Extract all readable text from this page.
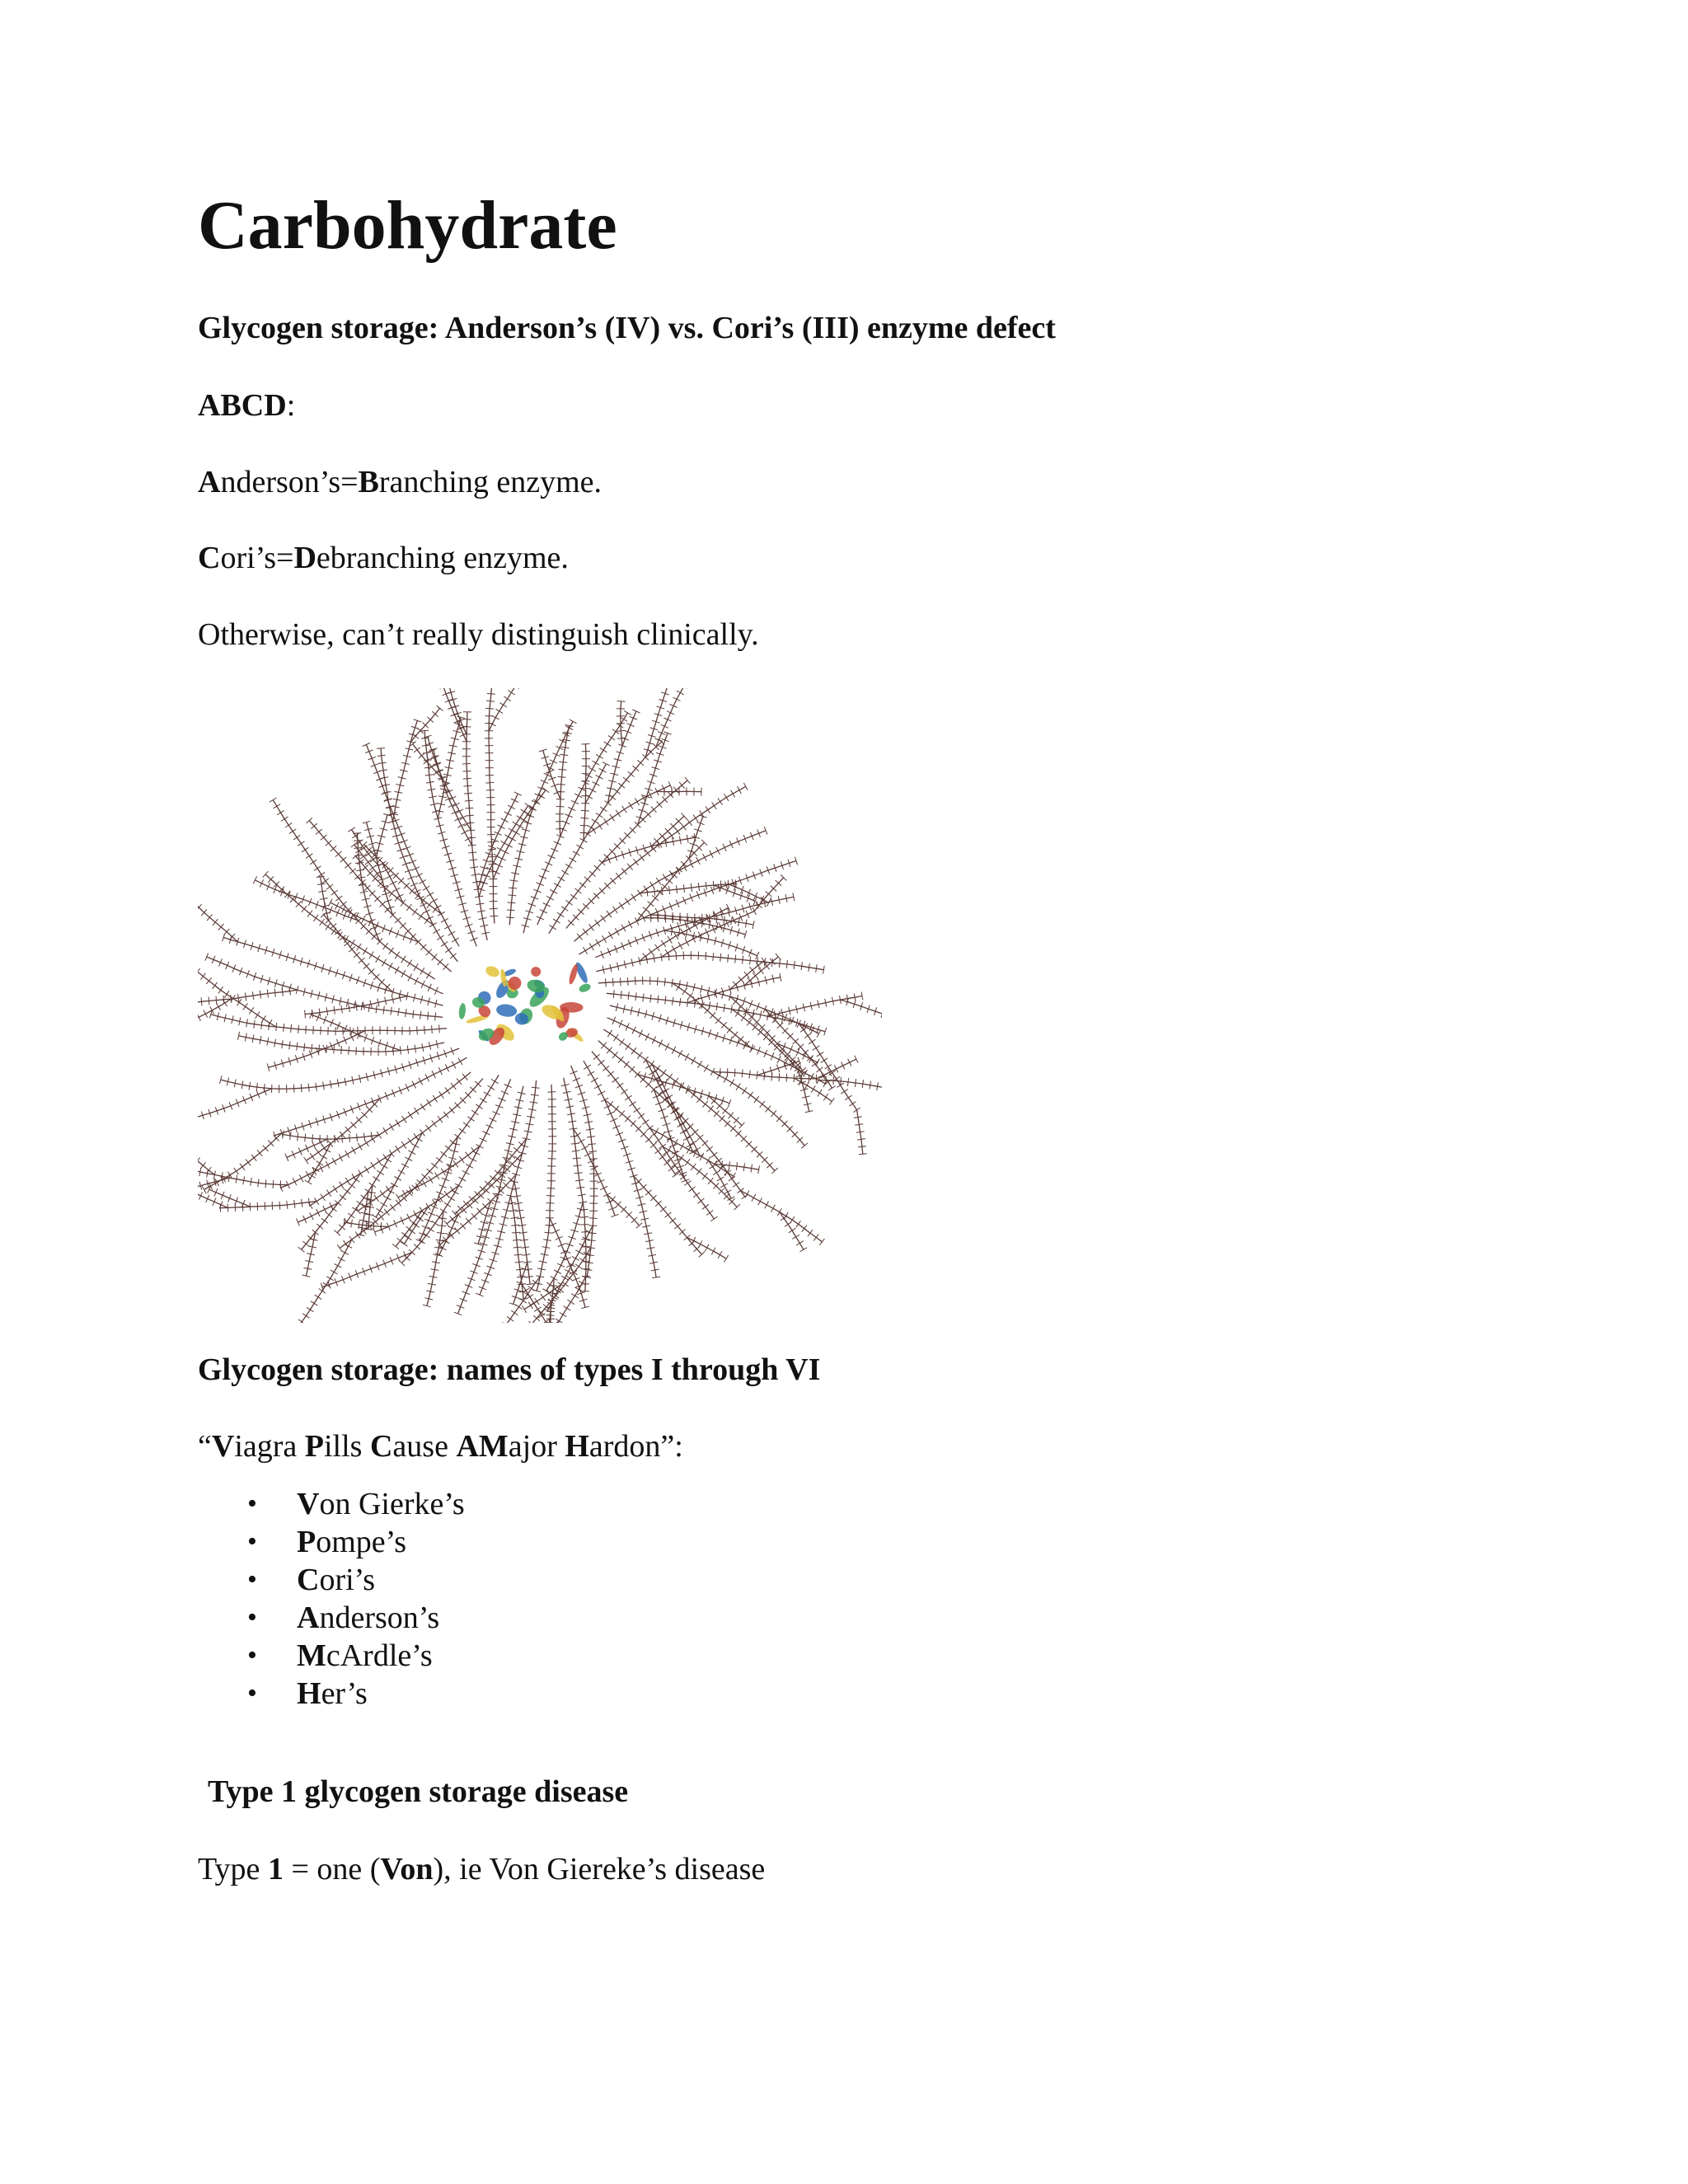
Carbohydrate
Glycogen storage: Anderson’s (IV) vs. Cori’s (III) enzyme defect
ABCD:
Anderson’s=Branching enzyme.
Cori’s=Debranching enzyme.
Otherwise, can’t really distinguish clinically.
Glycogen storage: names of types I through VI
“Viagra Pills Cause AMajor Hardon”:
• Von Gierke’s
• Pompe’s
• Cori’s
• Anderson’s
• McArdle’s
• Her’s
Type 1 glycogen storage disease
Type 1 = one (Von), ie Von Giereke’s disease
